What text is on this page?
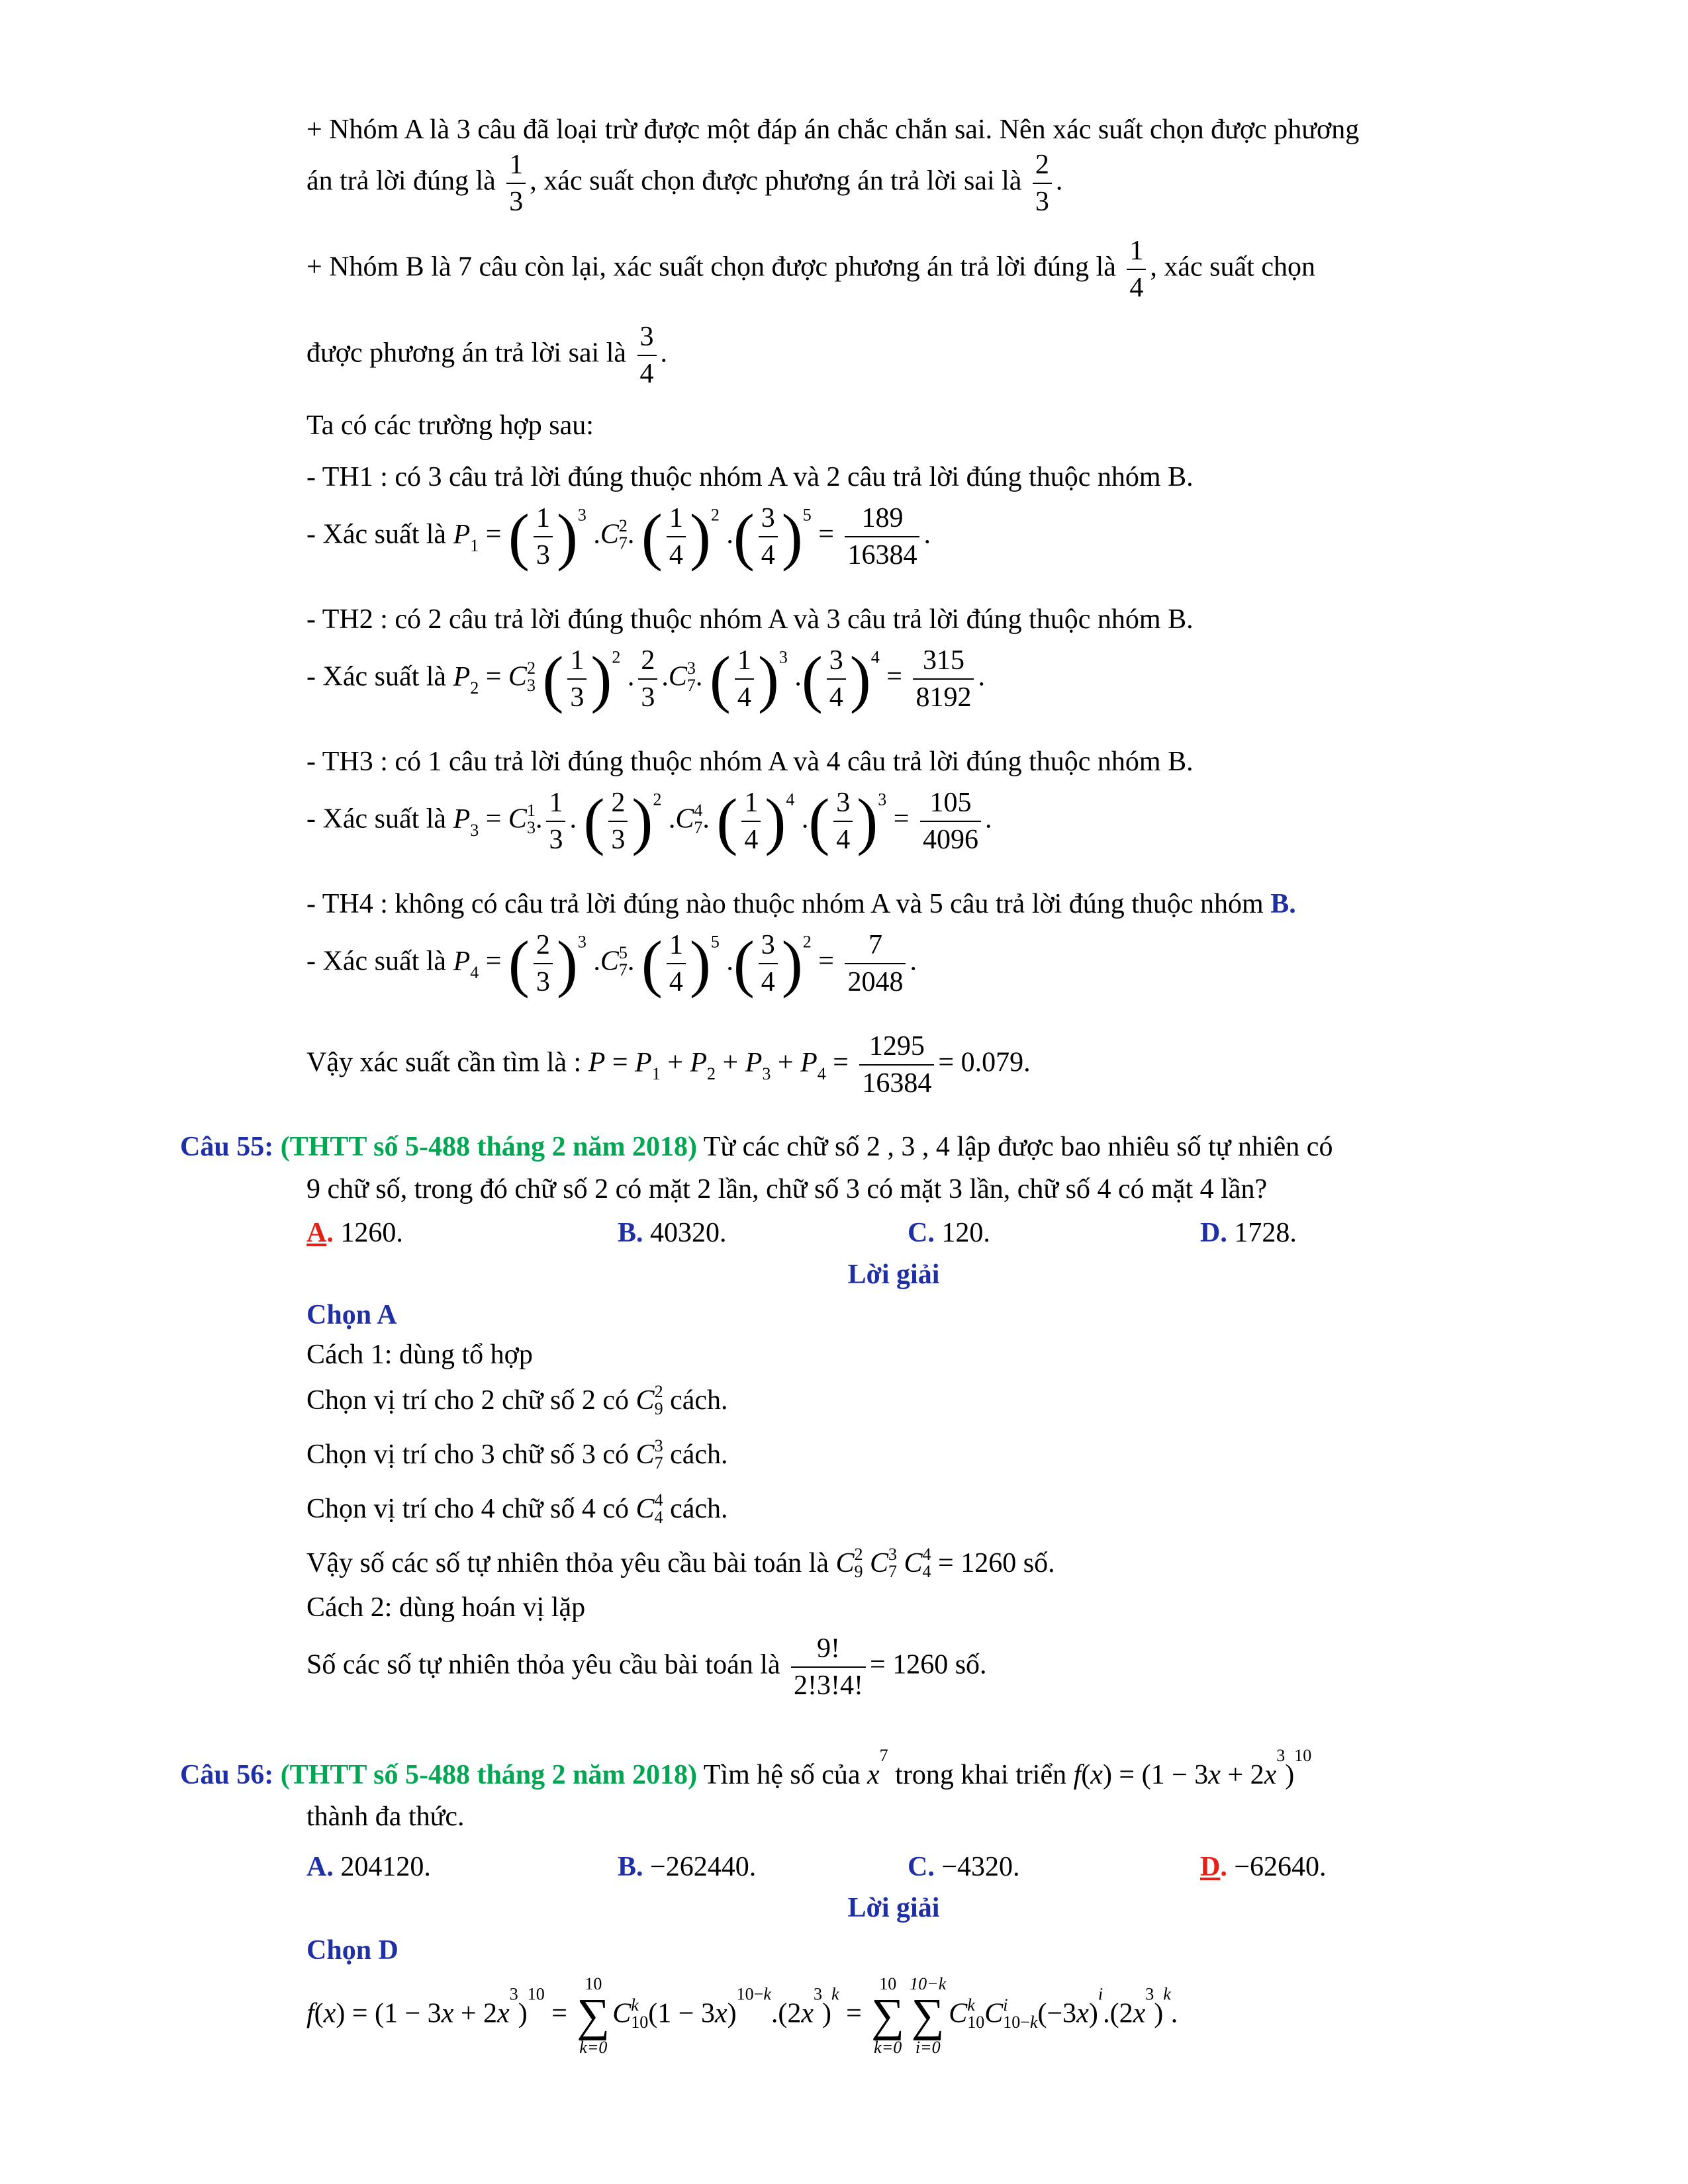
+ Nhóm A là 3 câu đã loại trừ được một đáp án chắc chắn sai. Nên xác suất chọn được phương
án trả lời đúng là $\frac{1}{3}$ , xác suất chọn được phương án trả lời sai là $\frac{2}{3}$ .
+ Nhóm B là 7 câu còn lại, xác suất chọn được phương án trả lời đúng là $\frac{1}{4}$ , xác suất chọn
được phương án trả lời sai là $\frac{3}{4}$ .
Ta có các trường hợp sau:
- TH1 : có 3 câu trả lời đúng thuộc nhóm A và 2 câu trả lời đúng thuộc nhóm B.
- Xác suất là $P_1$ = ( $\frac{1}{3} )^3$ .C 2
7 . ( $\frac{1}{4} )^2$ .( $\frac{3}{4} )^5 = \frac{189}{16384}$ .
- TH2 : có 2 câu trả lời đúng thuộc nhóm A và 3 câu trả lời đúng thuộc nhóm B.
- Xác suất là $P_2 = C$ 2
3 ( $\frac{1}{3} )^2$ . $\frac{2}{3} .C$ 3
7 . ( $\frac{1}{4} )^3$ .( $\frac{3}{4} )^4 = \frac{315}{8192}$ .
- TH3 : có 1 câu trả lời đúng thuộc nhóm A và 4 câu trả lời đúng thuộc nhóm B.
- Xác suất là $P_3 = C$ 1
3 . $\frac{1}{3}$ . ( $\frac{2}{3} )^2$ .C 4
7 . ( $\frac{1}{4} )^4$ .( $\frac{3}{4} )^3 = \frac{105}{4096}$ .
- TH4 : không có câu trả lời đúng nào thuộc nhóm A và 5 câu trả lời đúng thuộc nhóm B.
- Xác suất là $P_4$ = ( $\frac{2}{3} )^3$ .C 5
7 . ( $\frac{1}{4} )^5$ .( $\frac{3}{4} )^2 = \frac{7}{2048}$ .
Vậy xác suất cần tìm là : $P = P_1 + P_2 + P_3 + P_4 = \frac{1295}{16384} = 0.079$.
Câu 55: (THTT số 5-488 tháng 2 năm 2018) Từ các chữ số 2 , 3 , 4 lập được bao nhiêu số tự nhiên có
9 chữ số, trong đó chữ số 2 có mặt 2 lần, chữ số 3 có mặt 3 lần, chữ số 4 có mặt 4 lần?
A. 1260.	B. 40320.	C. 120.	D. 1728.
Lời giải
Chọn A
Cách 1: dùng tổ hợp
Chọn vị trí cho 2 chữ số 2 có C 2
9 cách.
Chọn vị trí cho 3 chữ số 3 có C 3
7 cách.
Chọn vị trí cho 4 chữ số 4 có C 4
4 cách.
Vậy số các số tự nhiên thỏa yêu cầu bài toán là C 2
9 C 3
7 C 4
4 = 1260 số.
Cách 2: dùng hoán vị lặp
Số các số tự nhiên thỏa yêu cầu bài toán là $\frac{9!}{2!3!4!} = 1260$ số.
Câu 56: (THTT số 5-488 tháng 2 năm 2018) Tìm hệ số của $x^7$ trong khai triển $f(x) = (1 - 3x + 2x^3)^{10}$
thành đa thức.
A. 204120.	B. −262440.	C. −4320.	D. −62640.
Lời giải
Chọn D
$f(x) = (1 - 3x + 2x^3)^{10}$ =
10
∑
k=0
C k
10 $(1 - 3x)^{10-k}.(2x^3)^k$ =
10
∑
k=0
10−k
∑
i=0
C k
10 C i
10−k $(-3x)^i.(2x^3)^k$.
